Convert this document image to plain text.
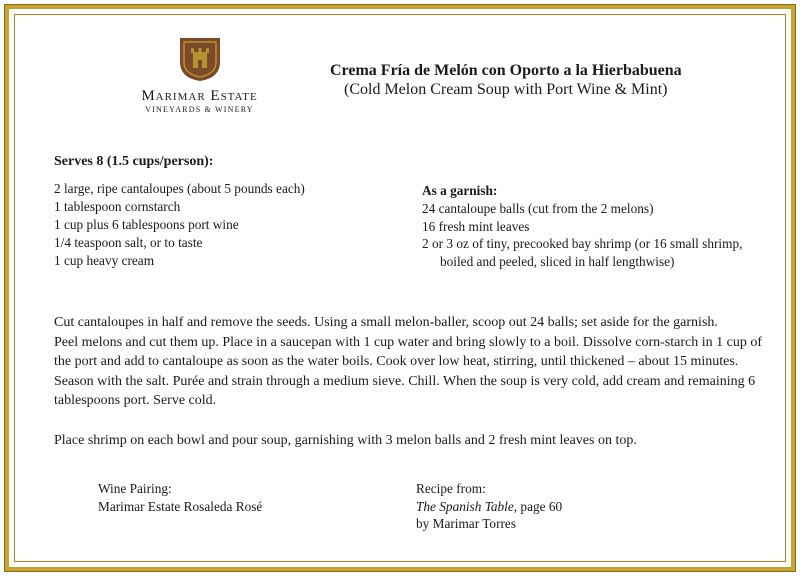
Marimar Estate
VINEYARDS & WINERY
Crema Fría de Melón con Oporto a la Hierbabuena
(Cold Melon Cream Soup with Port Wine & Mint)
Serves 8 (1.5 cups/person):
2 large, ripe cantaloupes (about 5 pounds each)
1 tablespoon cornstarch
1 cup plus 6 tablespoons port wine
1/4 teaspoon salt, or to taste
1 cup heavy cream
As a garnish:
24 cantaloupe balls (cut from the 2 melons)
16 fresh mint leaves
2 or 3 oz of tiny, precooked bay shrimp (or 16 small shrimp,
boiled and peeled, sliced in half lengthwise)

Cut cantaloupes in half and remove the seeds. Using a small melon-baller, scoop out 24 balls; set aside for the garnish.

Peel melons and cut them up. Place in a saucepan with 1 cup water and bring slowly to a boil. Dissolve corn-starch in 1 cup of the port and add to cantaloupe as soon as the water boils. Cook over low heat, stirring, until thickened – about 15 minutes. Season with the salt. Purée and strain through a medium sieve. Chill. When the soup is very cold, add cream and remaining 6 tablespoons port. Serve cold.

Place shrimp on each bowl and pour soup, garnishing with 3 melon balls and 2 fresh mint leaves on top.

Wine Pairing:
Marimar Estate Rosaleda Rosé
Recipe from:
The Spanish Table, page 60
by Marimar Torres
